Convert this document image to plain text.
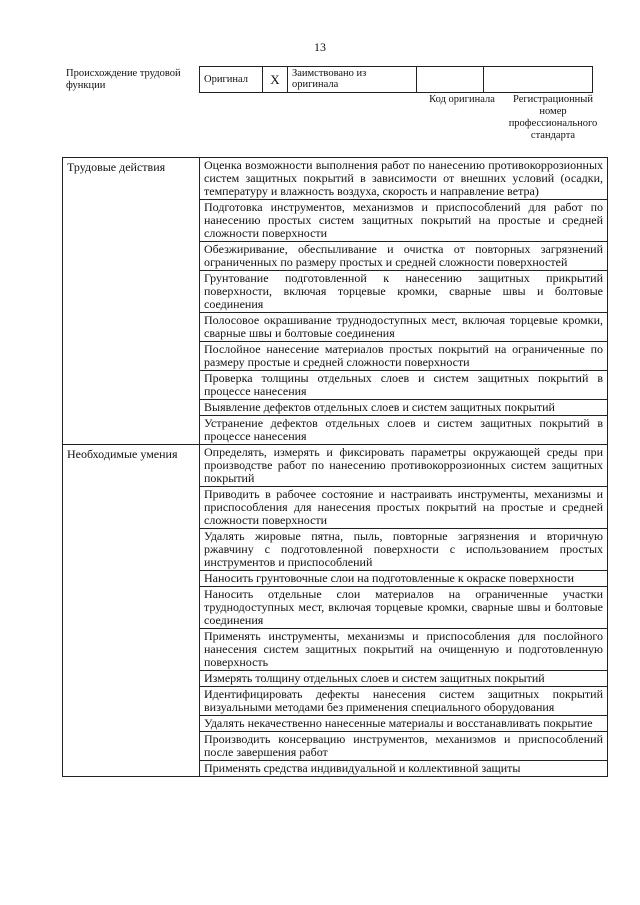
13
Происхождение трудовой функции
Оригинал	X	Заимствовано из оригинала		
Код оригинала	Регистрационный номер профессионального стандарта
Трудовые действия	Оценка возможности выполнения работ по нанесению противокоррозионных систем защитных покрытий в зависимости от внешних условий (осадки, температуру и влажность воздуха, скорость и направление ветра)
	Подготовка инструментов, механизмов и приспособлений для работ по нанесению простых систем защитных покрытий на простые и средней сложности поверхности
	Обезжиривание, обеспыливание и очистка от повторных загрязнений ограниченных по размеру простых и средней сложности поверхностей
	Грунтование подготовленной к нанесению защитных прикрытий поверхности, включая торцевые кромки, сварные швы и болтовые соединения
	Полосовое окрашивание труднодоступных мест, включая торцевые кромки, сварные швы и болтовые соединения
	Послойное нанесение материалов простых покрытий на ограниченные по размеру простые и средней сложности поверхности
	Проверка толщины отдельных слоев и систем защитных покрытий в процессе нанесения
	Выявление дефектов отдельных слоев и систем защитных покрытий
	Устранение дефектов отдельных слоев и систем защитных покрытий в процессе нанесения
Необходимые умения	Определять, измерять и фиксировать параметры окружающей среды при производстве работ по нанесению противокоррозионных систем защитных покрытий
	Приводить в рабочее состояние и настраивать инструменты, механизмы и приспособления для нанесения простых покрытий на простые и средней сложности поверхности
	Удалять жировые пятна, пыль, повторные загрязнения и вторичную ржавчину с подготовленной поверхности с использованием простых инструментов и приспособлений
	Наносить грунтовочные слои на подготовленные к окраске поверхности
	Наносить отдельные слои материалов на ограниченные участки труднодоступных мест, включая торцевые кромки, сварные швы и болтовые соединения
	Применять инструменты, механизмы и приспособления для послойного нанесения систем защитных покрытий на очищенную и подготовленную поверхность
	Измерять толщину отдельных слоев и систем защитных покрытий
	Идентифицировать дефекты нанесения систем защитных покрытий визуальными методами без применения специального оборудования
	Удалять некачественно нанесенные материалы и восстанавливать покрытие
	Производить консервацию инструментов, механизмов и приспособлений после завершения работ
	Применять средства индивидуальной и коллективной защиты
